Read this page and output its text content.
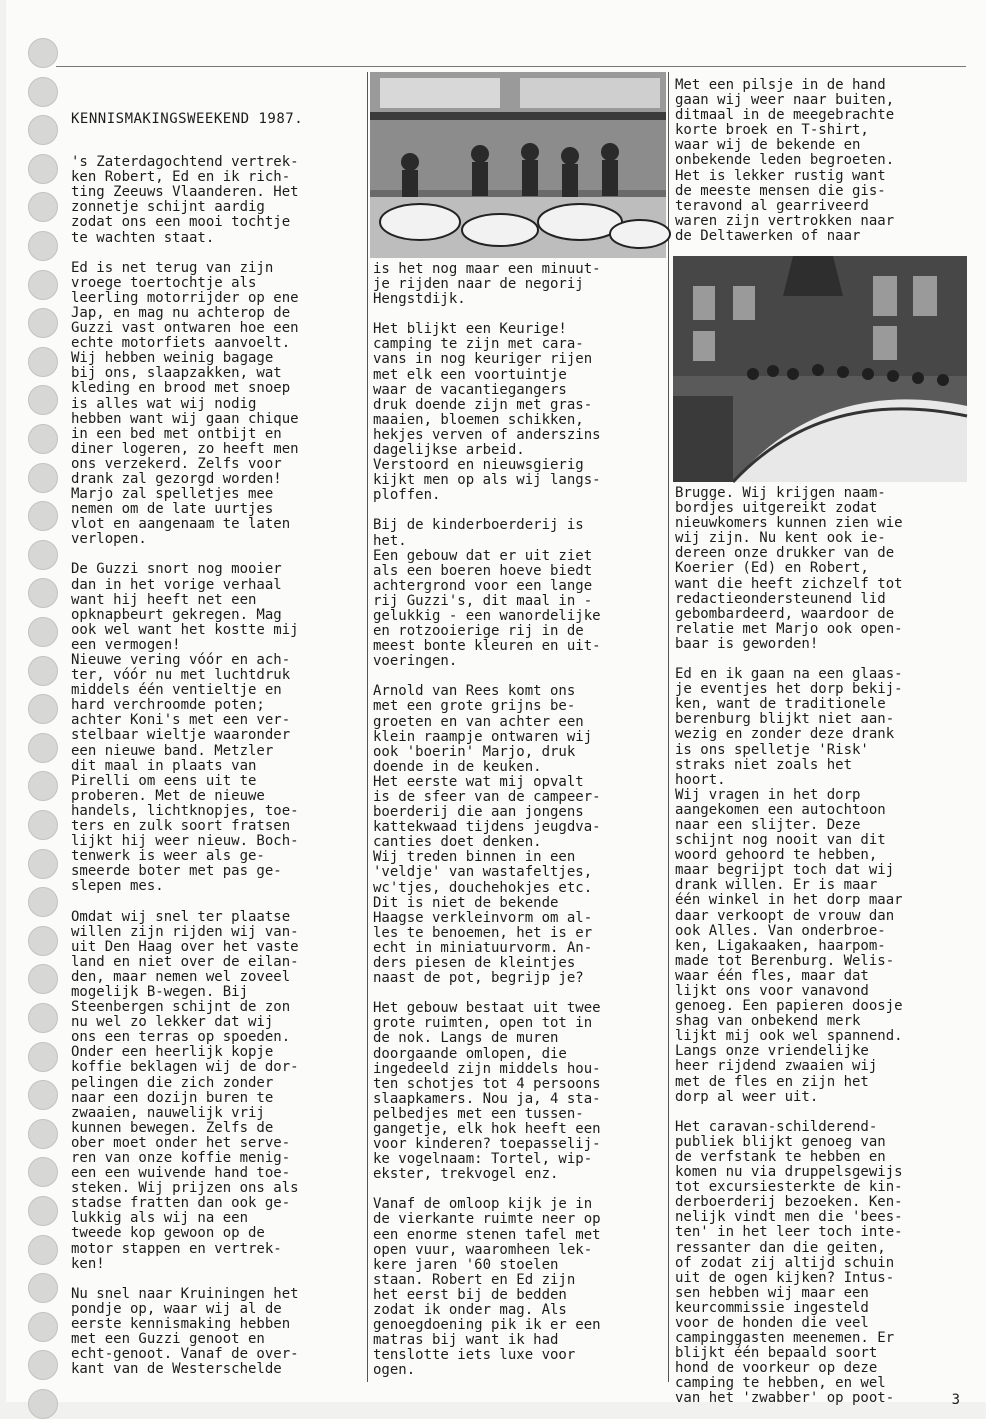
KENNISMAKINGSWEEKEND 1987.
's Zaterdagochtend vertrek-
ken Robert, Ed en ik rich-
ting Zeeuws Vlaanderen. Het
zonnetje schijnt aardig
zodat ons een mooi tochtje
te wachten staat.
Ed is net terug van zijn
vroege toertochtje als
leerling motorrijder op ene
Jap, en mag nu achterop de
Guzzi vast ontwaren hoe een
echte motorfiets aanvoelt.
Wij hebben weinig bagage
bij ons, slaapzakken, wat
kleding en brood met snoep
is alles wat wij nodig
hebben want wij gaan chique
in een bed met ontbijt en
diner logeren, zo heeft men
ons verzekerd. Zelfs voor
drank zal gezorgd worden!
Marjo zal spelletjes mee
nemen om de late uurtjes
vlot en aangenaam te laten
verlopen.
De Guzzi snort nog mooier
dan in het vorige verhaal
want hij heeft net een
opknapbeurt gekregen. Mag
ook wel want het kostte mij
een vermogen!
Nieuwe vering vóór en ach-
ter, vóór nu met luchtdruk
middels één ventieltje en
hard verchroomde poten;
achter Koni's met een ver-
stelbaar wieltje waaronder
een nieuwe band. Metzler
dit maal in plaats van
Pirelli om eens uit te
proberen. Met de nieuwe
handels, lichtknopjes, toe-
ters en zulk soort fratsen
lijkt hij weer nieuw. Boch-
tenwerk is weer als ge-
smeerde boter met pas ge-
slepen mes.
Omdat wij snel ter plaatse
willen zijn rijden wij van-
uit Den Haag over het vaste
land en niet over de eilan-
den, maar nemen wel zoveel
mogelijk B-wegen. Bij
Steenbergen schijnt de zon
nu wel zo lekker dat wij
ons een terras op spoeden.
Onder een heerlijk kopje
koffie beklagen wij de dor-
pelingen die zich zonder
naar een dozijn buren te
zwaaien, nauwelijk vrij
kunnen bewegen. Zelfs de
ober moet onder het serve-
ren van onze koffie menig-
een een wuivende hand toe-
steken. Wij prijzen ons als
stadse fratten dan ook ge-
lukkig als wij na een
tweede kop gewoon op de
motor stappen en vertrek-
ken!
Nu snel naar Kruiningen het
pondje op, waar wij al de
eerste kennismaking hebben
met een Guzzi genoot en
echt-genoot. Vanaf de over-
kant van de Westerschelde
is het nog maar een minuut-
je rijden naar de negorij
Hengstdijk.
Het blijkt een Keurige!
camping te zijn met cara-
vans in nog keuriger rijen
met elk een voortuintje
waar de vacantiegangers
druk doende zijn met gras-
maaien, bloemen schikken,
hekjes verven of anderszins
dagelijkse arbeid.
Verstoord en nieuwsgierig
kijkt men op als wij langs-
ploffen.
Bij de kinderboerderij is
het.
Een gebouw dat er uit ziet
als een boeren hoeve biedt
achtergrond voor een lange
rij Guzzi's, dit maal in -
gelukkig - een wanordelijke
en rotzooierige rij in de
meest bonte kleuren en uit-
voeringen.
Arnold van Rees komt ons
met een grote grijns be-
groeten en van achter een
klein raampje ontwaren wij
ook 'boerin' Marjo, druk
doende in de keuken.
Het eerste wat mij opvalt
is de sfeer van de campeer-
boerderij die aan jongens
kattekwaad tijdens jeugdva-
canties doet denken.
Wij treden binnen in een
'veldje' van wastafeltjes,
wc'tjes, douchehokjes etc.
Dit is niet de bekende
Haagse verkleinvorm om al-
les te benoemen, het is er
echt in miniatuurvorm. An-
ders piesen de kleintjes
naast de pot, begrijp je?
Het gebouw bestaat uit twee
grote ruimten, open tot in
de nok. Langs de muren
doorgaande omlopen, die
ingedeeld zijn middels hou-
ten schotjes tot 4 persoons
slaapkamers. Nou ja, 4 sta-
pelbedjes met een tussen-
gangetje, elk hok heeft een
voor kinderen? toepasselij-
ke vogelnaam: Tortel, wip-
ekster, trekvogel enz.
Vanaf de omloop kijk je in
de vierkante ruimte neer op
een enorme stenen tafel met
open vuur, waaromheen lek-
kere jaren '60 stoelen
staan. Robert en Ed zijn
het eerst bij de bedden
zodat ik onder mag. Als
genoegdoening pik ik er een
matras bij want ik had
tenslotte iets luxe voor
ogen.
Met een pilsje in de hand
gaan wij weer naar buiten,
ditmaal in de meegebrachte
korte broek en T-shirt,
waar wij de bekende en
onbekende leden begroeten.
Het is lekker rustig want
de meeste mensen die gis-
teravond al gearriveerd
waren zijn vertrokken naar
de Deltawerken of naar
Brugge. Wij krijgen naam-
bordjes uitgereikt zodat
nieuwkomers kunnen zien wie
wij zijn. Nu kent ook ie-
dereen onze drukker van de
Koerier (Ed) en Robert,
want die heeft zichzelf tot
redactieondersteunend lid
gebombardeerd, waardoor de
relatie met Marjo ook open-
baar is geworden!
Ed en ik gaan na een glaas-
je eventjes het dorp bekij-
ken, want de traditionele
berenburg blijkt niet aan-
wezig en zonder deze drank
is ons spelletje 'Risk'
straks niet zoals het
hoort.
Wij vragen in het dorp
aangekomen een autochtoon
naar een slijter. Deze
schijnt nog nooit van dit
woord gehoord te hebben,
maar begrijpt toch dat wij
drank willen. Er is maar
één winkel in het dorp maar
daar verkoopt de vrouw dan
ook Alles. Van onderbroe-
ken, Ligakaaken, haarpom-
made tot Berenburg. Welis-
waar één fles, maar dat
lijkt ons voor vanavond
genoeg. Een papieren doosje
shag van onbekend merk
lijkt mij ook wel spannend.
Langs onze vriendelijke
heer rijdend zwaaien wij
met de fles en zijn het
dorp al weer uit.
Het caravan-schilderend-
publiek blijkt genoeg van
de verfstank te hebben en
komen nu via druppelsgewijs
tot excursiesterkte de kin-
derboerderij bezoeken. Ken-
nelijk vindt men die 'bees-
ten' in het leer toch inte-
ressanter dan die geiten,
of zodat zij altijd schuin
uit de ogen kijken? Intus-
sen hebben wij maar een
keurcommissie ingesteld
voor de honden die veel
campinggasten meenemen. Er
blijkt één bepaald soort
hond de voorkeur op deze
camping te hebben, en wel
van het 'zwabber' op poot-	3
